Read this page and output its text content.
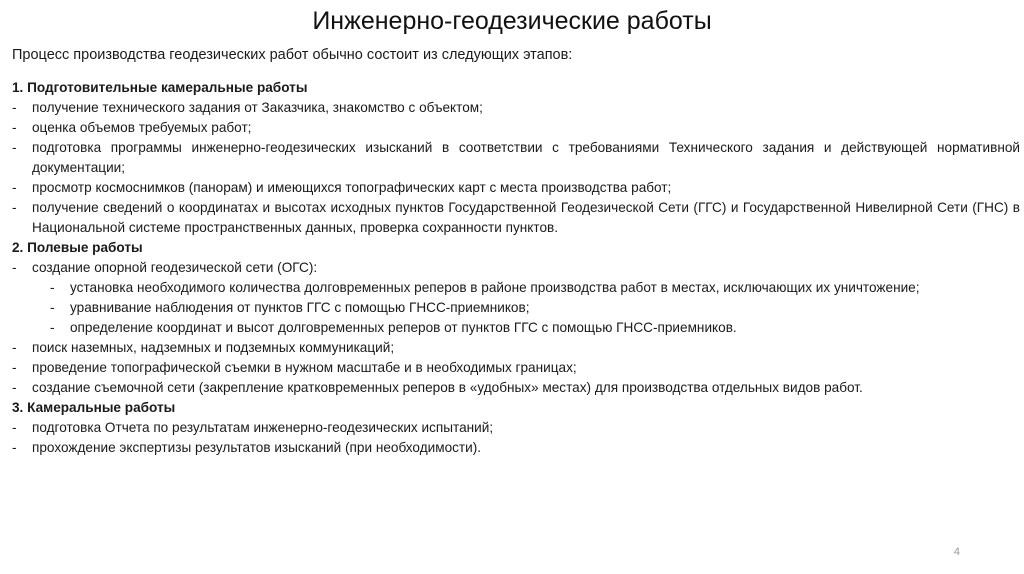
Инженерно-геодезические работы
Процесс производства геодезических работ обычно состоит из следующих этапов:
1. Подготовительные камеральные работы
- получение технического задания от Заказчика, знакомство с объектом;
- оценка объемов требуемых работ;
- подготовка программы инженерно-геодезических изысканий в соответствии с требованиями Технического задания и действующей нормативной документации;
- просмотр космоснимков (панорам) и имеющихся топографических карт с места производства работ;
- получение сведений о координатах и высотах исходных пунктов Государственной Геодезической Сети (ГГС) и Государственной Нивелирной Сети (ГНС) в Национальной системе пространственных данных, проверка сохранности пунктов.
2. Полевые работы
- создание опорной геодезической сети (ОГС):
- установка необходимого количества долговременных реперов в районе производства работ в местах, исключающих их уничтожение;
- уравнивание наблюдения от пунктов ГГС с помощью ГНСС-приемников;
- определение координат и высот долговременных реперов от пунктов ГГС с помощью ГНСС-приемников.
- поиск наземных, надземных и подземных коммуникаций;
- проведение топографической съемки в нужном масштабе и в необходимых границах;
- создание съемочной сети (закрепление кратковременных реперов в «удобных» местах) для производства отдельных видов работ.
3. Камеральные работы
- подготовка Отчета по результатам инженерно-геодезических испытаний;
- прохождение экспертизы результатов изысканий (при необходимости).
4
